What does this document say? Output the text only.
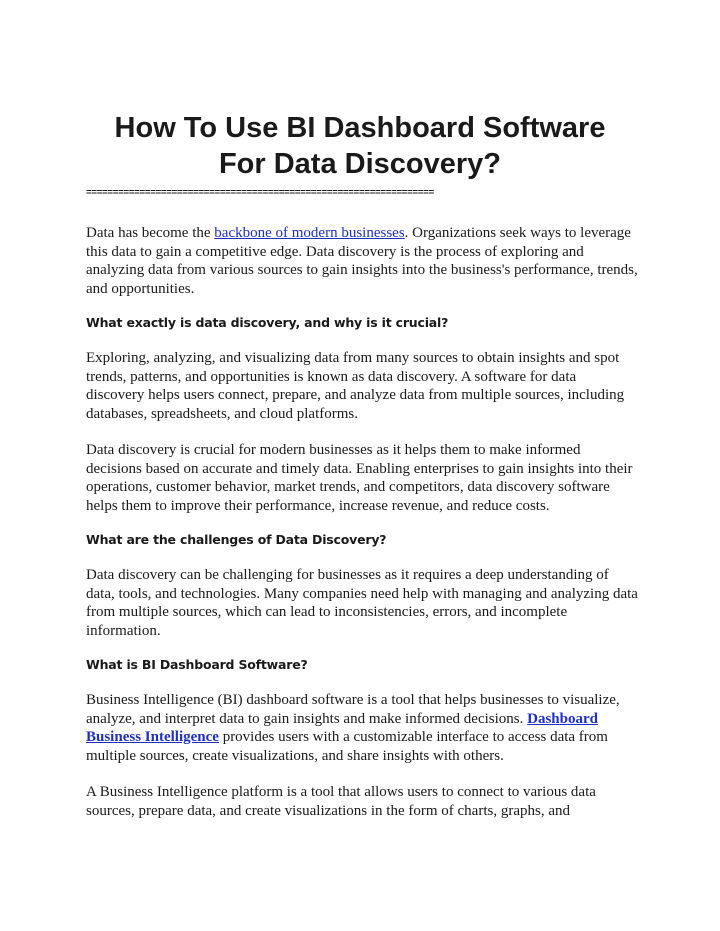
How To Use BI Dashboard Software
For Data Discovery?
=================================================================

Data has become the backbone of modern businesses. Organizations seek ways to leverage this data to gain a competitive edge. Data discovery is the process of exploring and analyzing data from various sources to gain insights into the business's performance, trends, and opportunities.

What exactly is data discovery, and why is it crucial?

Exploring, analyzing, and visualizing data from many sources to obtain insights and spot trends, patterns, and opportunities is known as data discovery. A software for data discovery helps users connect, prepare, and analyze data from multiple sources, including databases, spreadsheets, and cloud platforms.

Data discovery is crucial for modern businesses as it helps them to make informed decisions based on accurate and timely data. Enabling enterprises to gain insights into their operations, customer behavior, market trends, and competitors, data discovery software helps them to improve their performance, increase revenue, and reduce costs.

What are the challenges of Data Discovery?

Data discovery can be challenging for businesses as it requires a deep understanding of data, tools, and technologies. Many companies need help with managing and analyzing data from multiple sources, which can lead to inconsistencies, errors, and incomplete information.

What is BI Dashboard Software?

Business Intelligence (BI) dashboard software is a tool that helps businesses to visualize, analyze, and interpret data to gain insights and make informed decisions. Dashboard Business Intelligence provides users with a customizable interface to access data from multiple sources, create visualizations, and share insights with others.

A Business Intelligence platform is a tool that allows users to connect to various data sources, prepare data, and create visualizations in the form of charts, graphs, and
